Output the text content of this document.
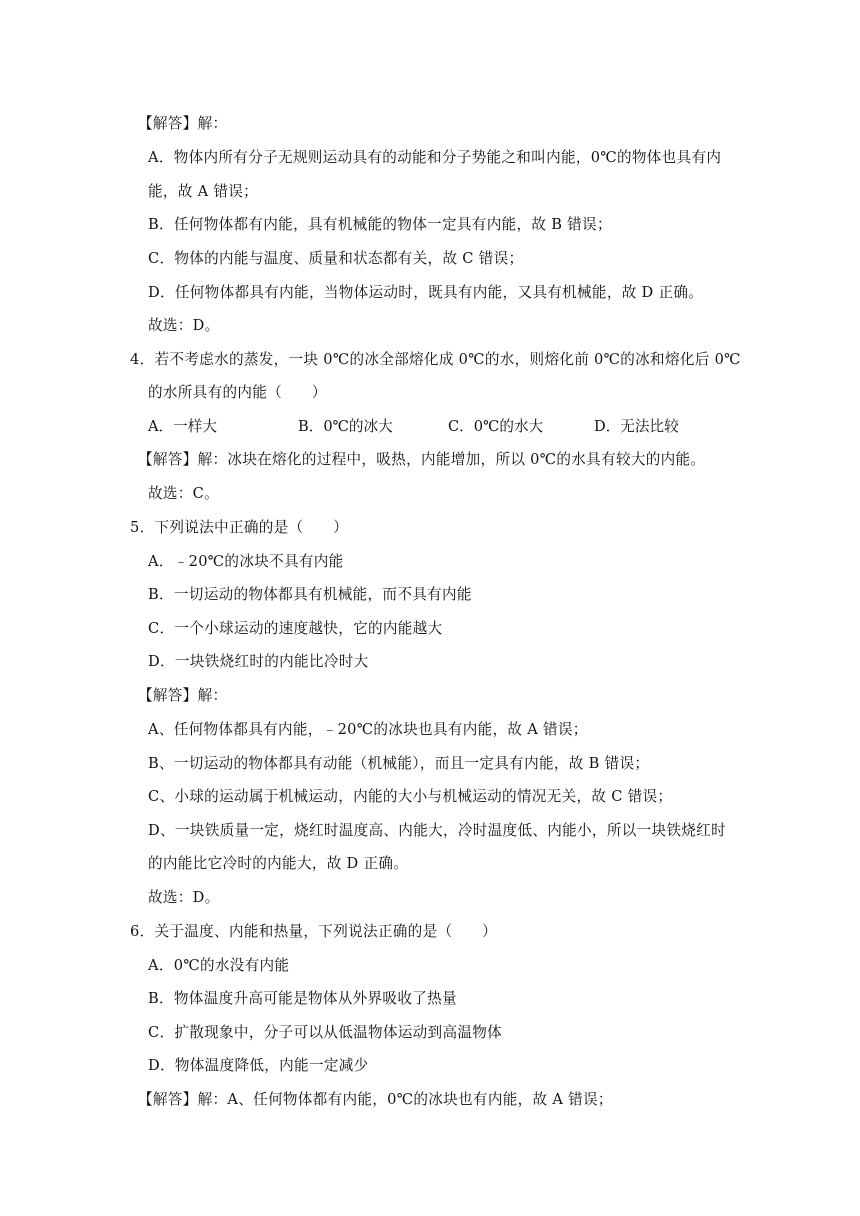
【解答】解：
A．物体内所有分子无规则运动具有的动能和分子势能之和叫内能，0℃的物体也具有内
能，故 A 错误；
B．任何物体都有内能，具有机械能的物体一定具有内能，故 B 错误；
C．物体的内能与温度、质量和状态都有关，故 C 错误；
D．任何物体都具有内能，当物体运动时，既具有内能，又具有机械能，故 D 正确。
故选：D。
4．若不考虑水的蒸发，一块 0℃的冰全部熔化成 0℃的水，则熔化前 0℃的冰和熔化后 0℃
的水所具有的内能（　　）
A．一样大	B．0℃的冰大	C．0℃的水大	D．无法比较
【解答】解：冰块在熔化的过程中，吸热，内能增加，所以 0℃的水具有较大的内能。
故选：C。
5．下列说法中正确的是（　　）
A．﹣20℃的冰块不具有内能
B．一切运动的物体都具有机械能，而不具有内能
C．一个小球运动的速度越快，它的内能越大
D．一块铁烧红时的内能比冷时大
【解答】解：
A、任何物体都具有内能，﹣20℃的冰块也具有内能，故 A 错误；
B、一切运动的物体都具有动能（机械能），而且一定具有内能，故 B 错误；
C、小球的运动属于机械运动，内能的大小与机械运动的情况无关，故 C 错误；
D、一块铁质量一定，烧红时温度高、内能大，冷时温度低、内能小，所以一块铁烧红时
的内能比它冷时的内能大，故 D 正确。
故选：D。
6．关于温度、内能和热量，下列说法正确的是（　　）
A．0℃的水没有内能
B．物体温度升高可能是物体从外界吸收了热量
C．扩散现象中，分子可以从低温物体运动到高温物体
D．物体温度降低，内能一定减少
【解答】解：A、任何物体都有内能，0℃的冰块也有内能，故 A 错误；
